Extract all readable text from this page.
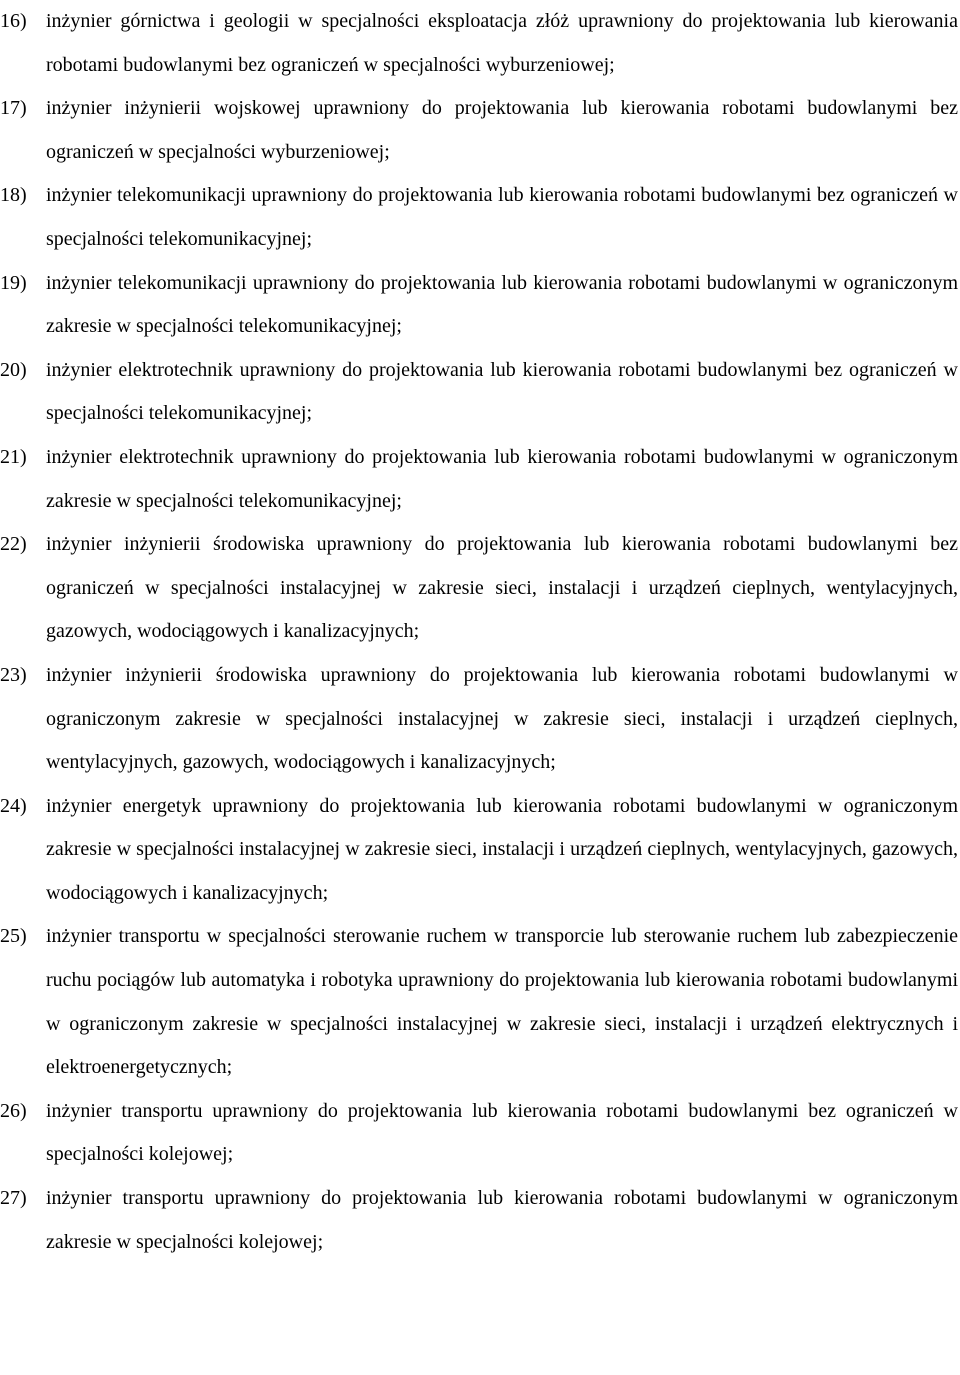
16) inżynier górnictwa i geologii w specjalności eksploatacja złóż uprawniony do projektowania lub kierowania robotami budowlanymi bez ograniczeń w specjalności wyburzeniowej;
17) inżynier inżynierii wojskowej uprawniony do projektowania lub kierowania robotami budowlanymi bez ograniczeń w specjalności wyburzeniowej;
18) inżynier telekomunikacji uprawniony do projektowania lub kierowania robotami budowlanymi bez ograniczeń w specjalności telekomunikacyjnej;
19) inżynier telekomunikacji uprawniony do projektowania lub kierowania robotami budowlanymi w ograniczonym zakresie w specjalności telekomunikacyjnej;
20) inżynier elektrotechnik uprawniony do projektowania lub kierowania robotami budowlanymi bez ograniczeń w specjalności telekomunikacyjnej;
21) inżynier elektrotechnik uprawniony do projektowania lub kierowania robotami budowlanymi w ograniczonym zakresie w specjalności telekomunikacyjnej;
22) inżynier inżynierii środowiska uprawniony do projektowania lub kierowania robotami budowlanymi bez ograniczeń w specjalności instalacyjnej w zakresie sieci, instalacji i urządzeń cieplnych, wentylacyjnych, gazowych, wodociągowych i kanalizacyjnych;
23) inżynier inżynierii środowiska uprawniony do projektowania lub kierowania robotami budowlanymi w ograniczonym zakresie w specjalności instalacyjnej w zakresie sieci, instalacji i urządzeń cieplnych, wentylacyjnych, gazowych, wodociągowych i kanalizacyjnych;
24) inżynier energetyk uprawniony do projektowania lub kierowania robotami budowlanymi w ograniczonym zakresie w specjalności instalacyjnej w zakresie sieci, instalacji i urządzeń cieplnych, wentylacyjnych, gazowych, wodociągowych i kanalizacyjnych;
25) inżynier transportu w specjalności sterowanie ruchem w transporcie lub sterowanie ruchem lub zabezpieczenie ruchu pociągów lub automatyka i robotyka uprawniony do projektowania lub kierowania robotami budowlanymi w ograniczonym zakresie w specjalności instalacyjnej w zakresie sieci, instalacji i urządzeń elektrycznych i elektroenergetycznych;
26) inżynier transportu uprawniony do projektowania lub kierowania robotami budowlanymi bez ograniczeń w specjalności kolejowej;
27) inżynier transportu uprawniony do projektowania lub kierowania robotami budowlanymi w ograniczonym zakresie w specjalności kolejowej;
